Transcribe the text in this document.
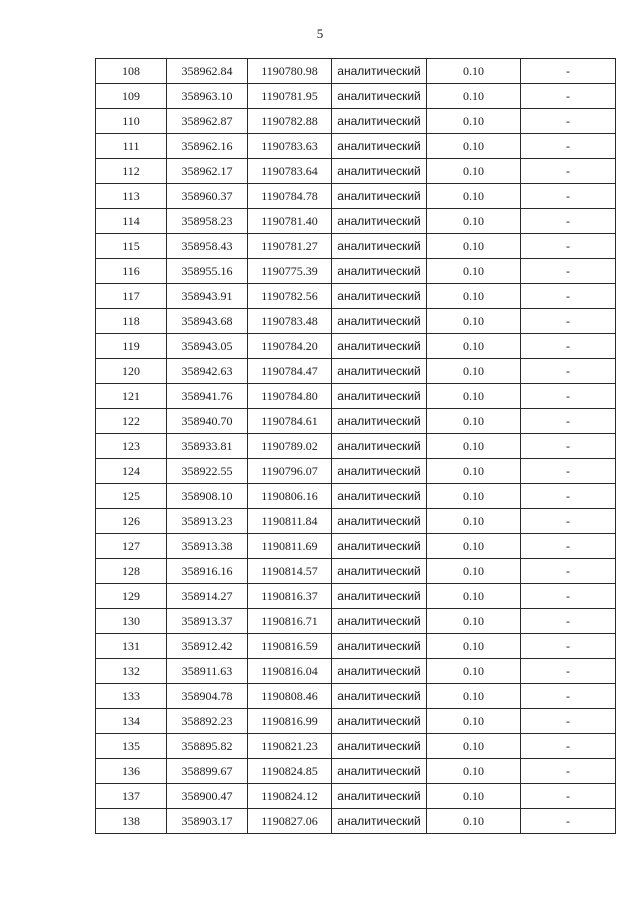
5
108	358962.84	1190780.98	аналитический	0.10	-
109	358963.10	1190781.95	аналитический	0.10	-
110	358962.87	1190782.88	аналитический	0.10	-
111	358962.16	1190783.63	аналитический	0.10	-
112	358962.17	1190783.64	аналитический	0.10	-
113	358960.37	1190784.78	аналитический	0.10	-
114	358958.23	1190781.40	аналитический	0.10	-
115	358958.43	1190781.27	аналитический	0.10	-
116	358955.16	1190775.39	аналитический	0.10	-
117	358943.91	1190782.56	аналитический	0.10	-
118	358943.68	1190783.48	аналитический	0.10	-
119	358943.05	1190784.20	аналитический	0.10	-
120	358942.63	1190784.47	аналитический	0.10	-
121	358941.76	1190784.80	аналитический	0.10	-
122	358940.70	1190784.61	аналитический	0.10	-
123	358933.81	1190789.02	аналитический	0.10	-
124	358922.55	1190796.07	аналитический	0.10	-
125	358908.10	1190806.16	аналитический	0.10	-
126	358913.23	1190811.84	аналитический	0.10	-
127	358913.38	1190811.69	аналитический	0.10	-
128	358916.16	1190814.57	аналитический	0.10	-
129	358914.27	1190816.37	аналитический	0.10	-
130	358913.37	1190816.71	аналитический	0.10	-
131	358912.42	1190816.59	аналитический	0.10	-
132	358911.63	1190816.04	аналитический	0.10	-
133	358904.78	1190808.46	аналитический	0.10	-
134	358892.23	1190816.99	аналитический	0.10	-
135	358895.82	1190821.23	аналитический	0.10	-
136	358899.67	1190824.85	аналитический	0.10	-
137	358900.47	1190824.12	аналитический	0.10	-
138	358903.17	1190827.06	аналитический	0.10	-
